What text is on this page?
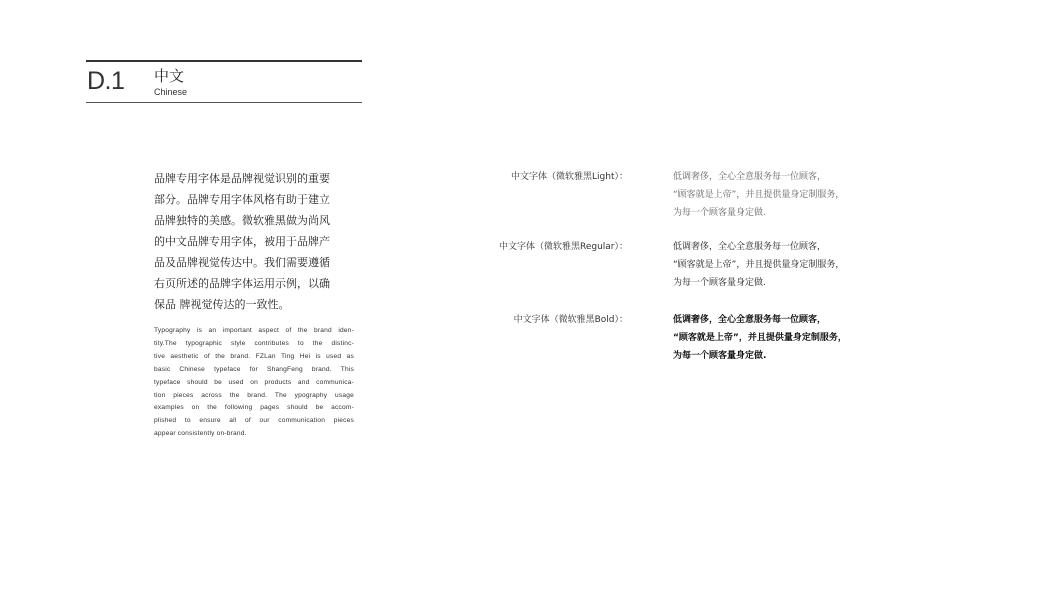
D.1 中文
Chinese
品牌专用字体是品牌视觉识别的重要
部分。品牌专用字体风格有助于建立
品牌独特的美感。微软雅黑做为尚风
的中文品牌专用字体，被用于品牌产
品及品牌视觉传达中。我们需要遵循
右页所述的品牌字体运用示例，以确
保品 牌视觉传达的一致性。
Typography is an important aspect of the brand iden-
tity.The typographic style contributes to the distinc-
tive aesthetic of the brand. FZLan Ting Hei is used as
basic Chinese typeface for ShangFeng brand. This
typeface should be used on products and communica-
tion pieces across the brand. The ypography usage
examples on the following pages should be accom-
plished to ensure all of our communication pieces
appear consistently on-brand.
中文字体（微软雅黑Light）：	低调奢侈，全心全意服务每一位顾客，
“顾客就是上帝”，并且提供量身定制服务，
为每一个顾客量身定做.
中文字体（微软雅黑Regular）：	低调奢侈，全心全意服务每一位顾客，
“顾客就是上帝”，并且提供量身定制服务，
为每一个顾客量身定做.
中文字体（微软雅黑Bold）：	低调奢侈，全心全意服务每一位顾客，
“顾客就是上帝”，并且提供量身定制服务，
为每一个顾客量身定做.
